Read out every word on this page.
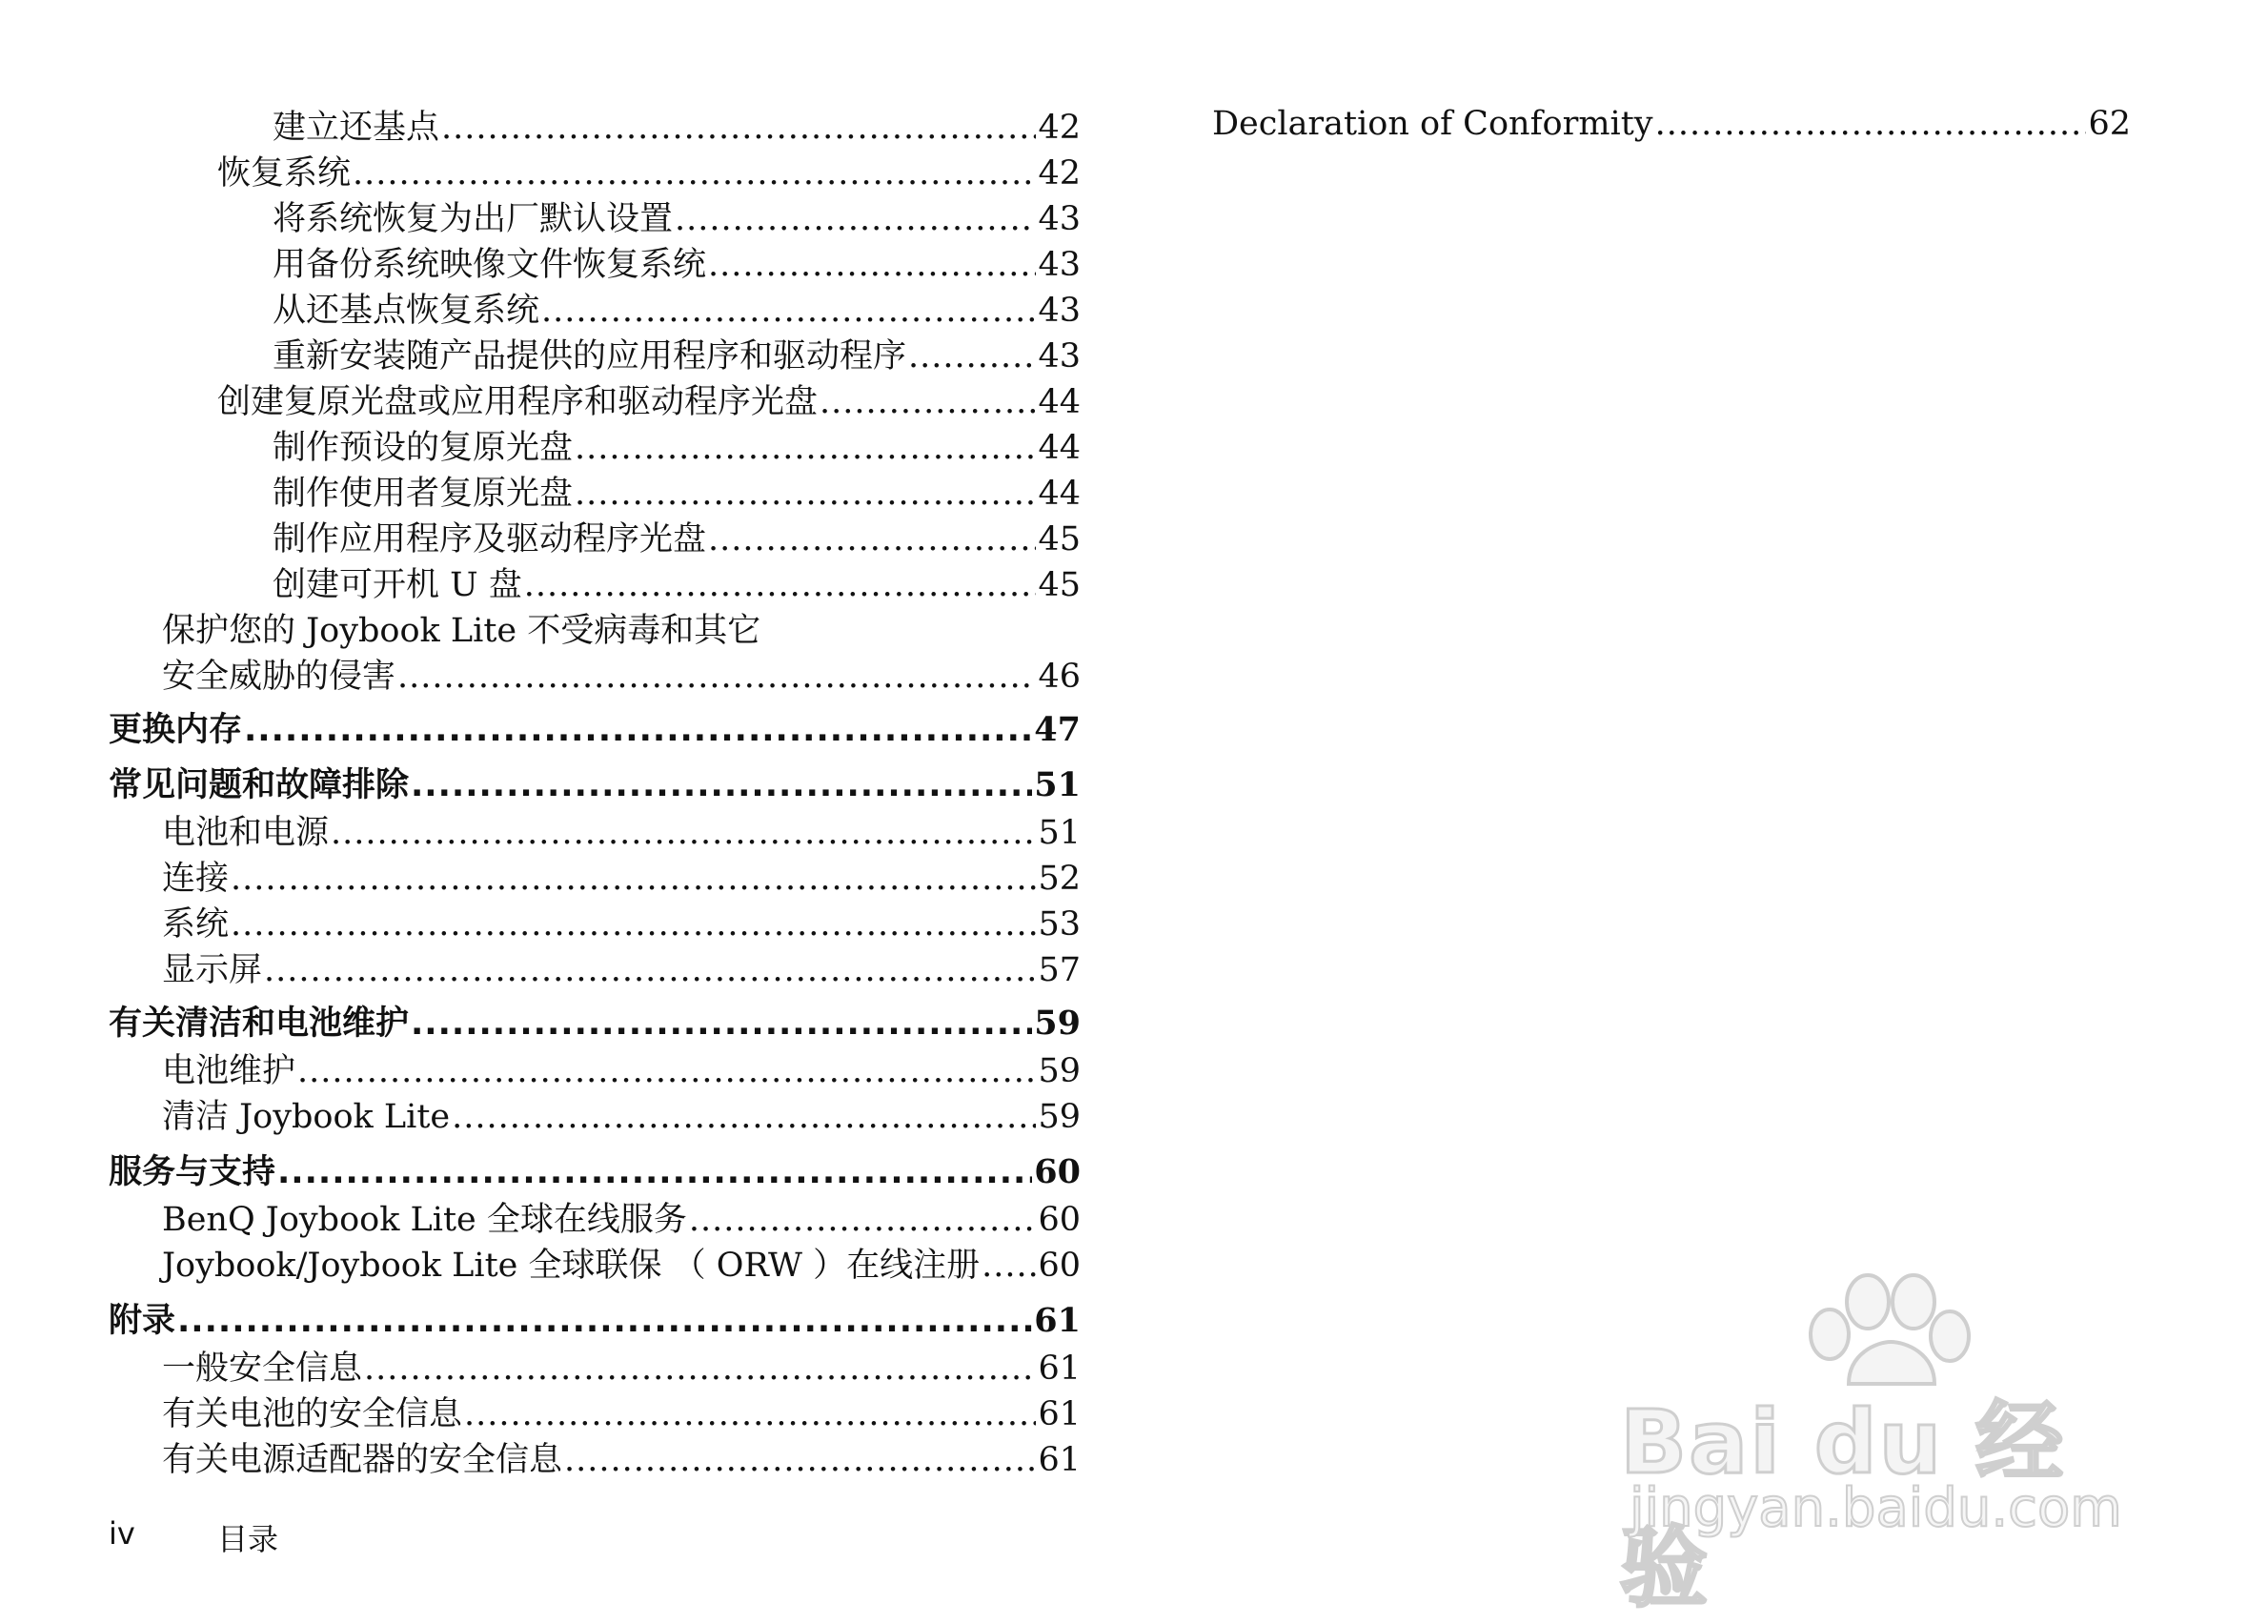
建立还基点 .....	42
恢复系统 .....	42
将系统恢复为出厂默认设置 .....	43
用备份系统映像文件恢复系统 .....	43
从还基点恢复系统 .....	43
重新安装随产品提供的应用程序和驱动程序 .....	43
创建复原光盘或应用程序和驱动程序光盘 .....	44
制作预设的复原光盘 .....	44
制作使用者复原光盘 .....	44
制作应用程序及驱动程序光盘 .....	45
创建可开机 U 盘 .....	45
保护您的 Joybook Lite 不受病毒和其它
安全威胁的侵害 .....	46
更换内存 .....	47
常见问题和故障排除 .....	51
电池和电源 .....	51
连接 .....	52
系统 .....	53
显示屏 .....	57
有关清洁和电池维护 .....	59
电池维护 .....	59
清洁 Joybook Lite .....	59
服务与支持 .....	60
BenQ Joybook Lite 全球在线服务 .....	60
Joybook/Joybook Lite 全球联保 （ ORW ）在线注册 ..... 60
附录 .....	61
一般安全信息 .....	61
有关电池的安全信息 .....	61
有关电源适配器的安全信息 .....	61
Declaration of Conformity .....	62
iv	目录
Bai du 经验
jingyan.baidu.com
